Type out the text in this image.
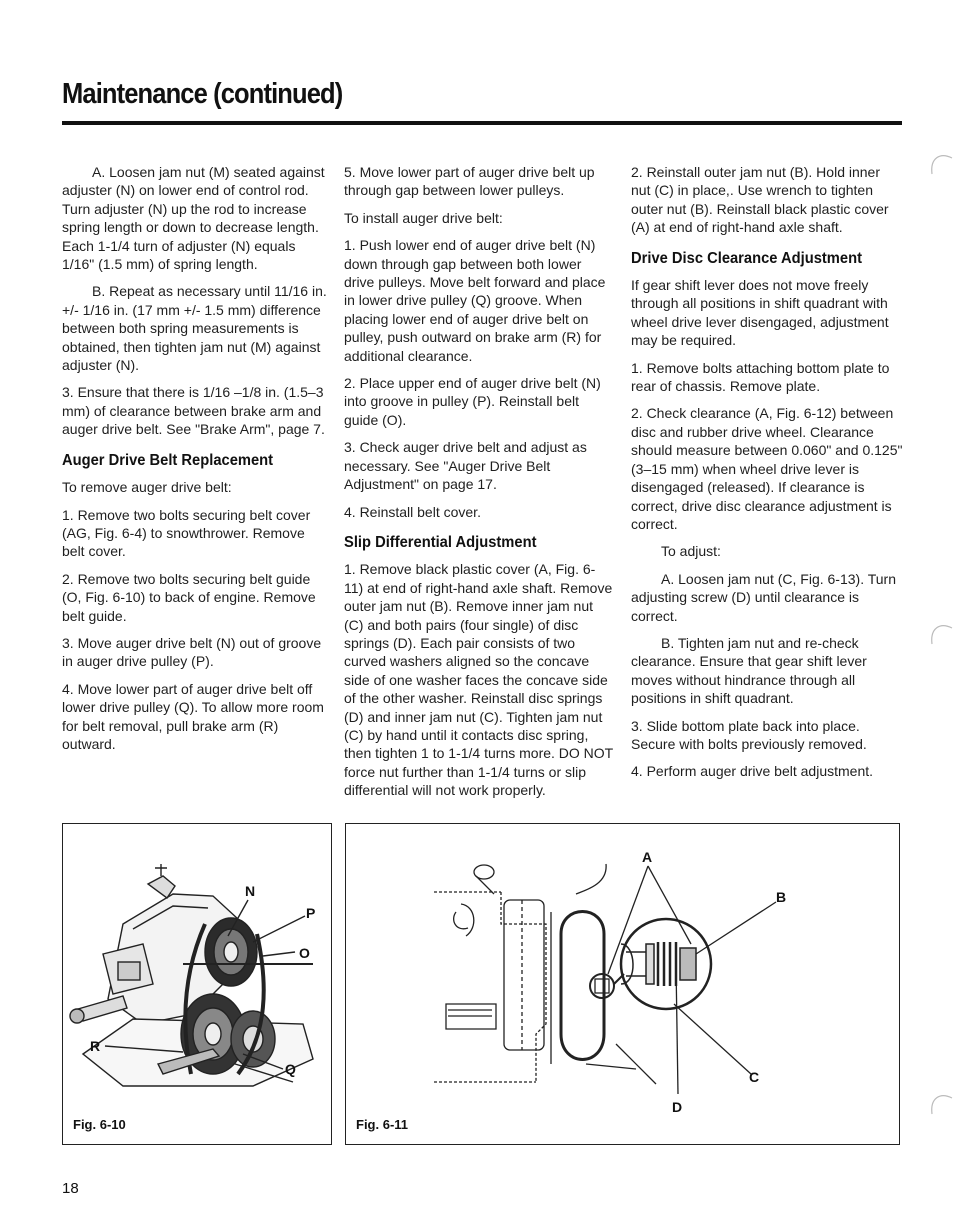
Maintenance (continued)

A. Loosen jam nut (M) seated against adjuster (N) on lower end of control rod. Turn adjuster (N) up the rod to increase spring length or down to decrease length. Each 1-1/4 turn of adjuster (N) equals 1/16" (1.5 mm) of spring length.

B. Repeat as necessary until 11/16 in. +/- 1/16 in. (17 mm +/- 1.5 mm) difference between both spring measurements is obtained, then tighten jam nut (M) against adjuster (N).

3. Ensure that there is 1/16 –1/8 in. (1.5–3 mm) of clearance between brake arm and auger drive belt. See "Brake Arm", page 7.

Auger Drive Belt Replacement

To remove auger drive belt:

1. Remove two bolts securing belt cover (AG, Fig. 6-4) to snowthrower. Remove belt cover.

2. Remove two bolts securing belt guide (O, Fig. 6-10) to back of engine. Remove belt guide.

3. Move auger drive belt (N) out of groove in auger drive pulley (P).

4. Move lower part of auger drive belt off lower drive pulley (Q). To allow more room for belt removal, pull brake arm (R) outward.

5. Move lower part of auger drive belt up through gap between lower pulleys.

To install auger drive belt:

1. Push lower end of auger drive belt (N) down through gap between both lower drive pulleys. Move belt forward and place in lower drive pulley (Q) groove. When placing lower end of auger drive belt on pulley, push outward on brake arm (R) for additional clearance.

2. Place upper end of auger drive belt (N) into groove in pulley (P). Reinstall belt guide (O).

3. Check auger drive belt and adjust as necessary. See "Auger Drive Belt Adjustment" on page 17.

4. Reinstall belt cover.

Slip Differential Adjustment

1. Remove black plastic cover (A, Fig. 6-11) at end of right-hand axle shaft. Remove outer jam nut (B). Remove inner jam nut (C) and both pairs (four single) of disc springs (D). Each pair consists of two curved washers aligned so the concave side of one washer faces the concave side of the other washer. Reinstall disc springs (D) and inner jam nut (C). Tighten jam nut (C) by hand until it contacts disc spring, then tighten 1 to 1-1/4 turns more. DO NOT force nut further than 1-1/4 turns or slip differential will not work properly.

2. Reinstall outer jam nut (B). Hold inner nut (C) in place,. Use wrench to tighten outer nut (B). Reinstall black plastic cover (A) at end of right-hand axle shaft.

Drive Disc Clearance Adjustment

If gear shift lever does not move freely through all positions in shift quadrant with wheel drive lever disengaged, adjustment may be required.

1. Remove bolts attaching bottom plate to rear of chassis. Remove plate.

2. Check clearance (A, Fig. 6-12) between disc and rubber drive wheel. Clearance should measure between 0.060" and 0.125" (3–15 mm) when wheel drive lever is disengaged (released). If clearance is correct, drive disc clearance adjustment is correct.

To adjust:

A. Loosen jam nut (C, Fig. 6-13). Turn adjusting screw (D) until clearance is correct.

B. Tighten jam nut and re-check clearance. Ensure that gear shift lever moves without hindrance through all positions in shift quadrant.

3. Slide bottom plate back into place. Secure with bolts previously removed.

4. Perform auger drive belt adjustment.

N
P
O
R
Q
Fig. 6-10
A
B
C
D
Fig. 6-11
18
